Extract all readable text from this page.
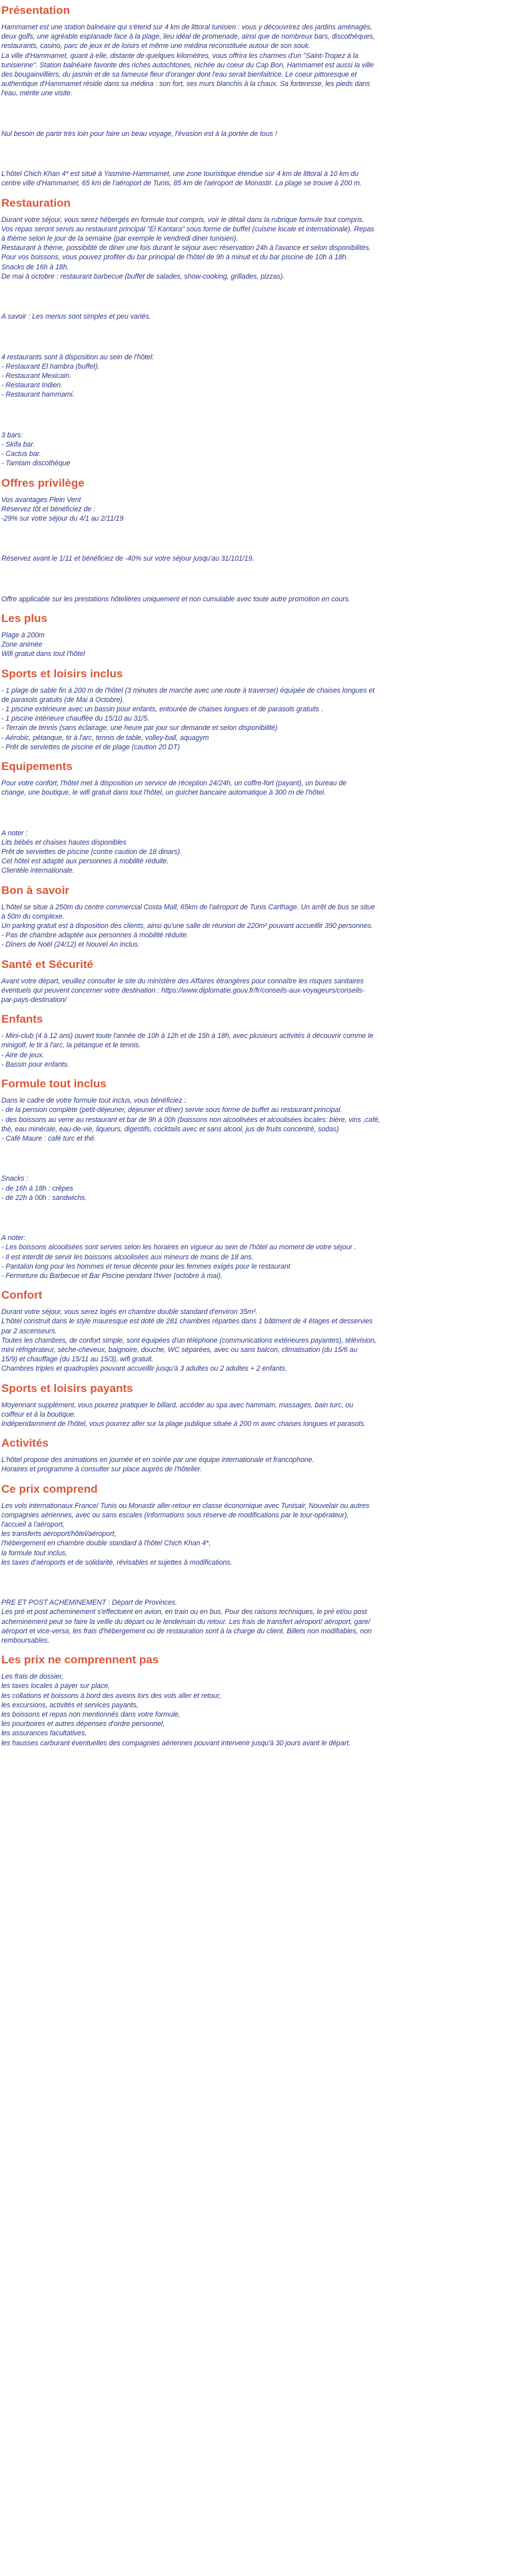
Présentation

Hammamet est une station balnéaire qui s'étend sur 4 km de littoral tunisien : vous y découvrirez des jardins aménagés,

deux golfs, une agréable esplanade face à la plage, lieu idéal de promenade, ainsi que de nombreux bars, discothèques,

restaurants, casino, parc de jeux et de loisirs et même une médina reconstituée autour de son souk.

La ville d'Hammamet, quant à elle, distante de quelques kilomètres, vous offrira les charmes d'un "Saint-Tropez à la

tunisienne". Station balnéaire favorite des riches autochtones, nichée au coeur du Cap Bon, Hammamet est aussi la ville

des bougainvilliers, du jasmin et de sa fameuse fleur d'oranger dont l'eau serait bienfaitrice. Le coeur pittoresque et

authentique d'Hammamet réside dans sa médina : son fort, ses murs blanchis à la chaux. Sa forteresse, les pieds dans

l'eau, mérite une visite.

Nul besoin de partir très loin pour faire un beau voyage, l'évasion est à la portée de tous !

L'hôtel Chich Khan 4* est situé à Yasmine-Hammamet, une zone touristique étendue sur 4 km de littoral à 10 km du

centre ville d'Hammamet, 65 km de l'aéroport de Tunis, 85 km de l'aéroport de Monastir. La plage se trouve à 200 m.

Restauration

Durant votre séjour, vous serez hébergés en formule tout compris, voir le détail dans la rubrique formule tout compris.

Vos repas seront servis au restaurant principal "El Kantara" sous forme de buffet (cuisine locale et internationale). Repas

à thème selon le jour de la semaine (par exemple le vendredi diner tunisien).

Restaurant à thème, possibilité de diner une fois durant le séjour avec réservation 24h à l'avance et selon disponibilités.

Pour vos boissons, vous pouvez profiter du bar principal de l'hôtel de 9h à minuit et du bar piscine de 10h à 18h.

Snacks de 16h à 18h.

De mai à octobre : restaurant barbecue (buffet de salades, show-cooking, grillades, pizzas).

A savoir : Les menus sont simples et peu variés.

4 restaurants sont à disposition au sein de l'hôtel:

- Restaurant El hambra (buffet).

- Restaurant Mexicain.

- Restaurant Indien.

- Restaurant hammami.

3 bars:

- Skifa bar.

- Cactus bar.

- Tamtam discothèque

Offres privilège

Vos avantages Plein Vent

Réservez tôt et bénéficiez de :

-29% sur votre séjour du 4/1 au 2/11/19

Réservez avant le 1/11 et bénéficiez de -40% sur votre séjour jusqu'au 31/101/19.

Offre applicable sur les prestations hôtelières uniquement et non cumulable avec toute autre promotion en cours.

Les plus

Plage à 200m

Zone animée

Wifi gratuit dans tout l'hôtel

Sports et loisirs inclus

- 1 plage de sable fin à 200 m de l'hôtel (3 minutes de marche avec une route à traverser) équipée de chaises longues et

de parasols gratuits (de Mai à Octobre).

- 1 piscine extérieure avec un bassin pour enfants, entourée de chaises longues et de parasols gratuits .

- 1 piscine intérieure chauffée du 15/10 au 31/5.

- Terrain de tennis (sans éclairage, une heure par jour sur demande et selon disponibilité)

- Aérobic, pétanque, tir à l'arc, tennis de table, volley-ball, aquagym

- Prêt de serviettes de piscine et de plage (caution 20 DT)

Equipements

Pour votre confort, l'hôtel met à disposition un service de réception 24/24h, un coffre-fort (payant), un bureau de

change, une boutique, le wifi gratuit dans tout l'hôtel, un guichet bancaire automatique à 300 m de l'hôtel.

A noter :

Lits bébés et chaises hautes disponibles

Prêt de serviettes de piscine (contre caution de 18 dinars).

Cet hôtel est adapté aux personnes à mobilité réduite.

Clientèle internationale.

Bon à savoir

L'hôtel se situe à 250m du centre commercial Costa Mall, 65km de l'aéroport de Tunis Carthage. Un arrêt de bus se situe

à 50m du complexe.

Un parking gratuit est à disposition des clients, ainsi qu'une salle de réunion de 220m² pouvant accueillir 390 personnes.

- Pas de chambre adaptée aux personnes à mobilité réduite.

- Dîners de Noël (24/12) et Nouvel An inclus.

Santé et Sécurité

Avant votre départ, veuillez consulter le site du ministère des Affaires étrangères pour connaître les risques sanitaires

éventuels qui peuvent concerner votre destination : https://www.diplomatie.gouv.fr/fr/conseils-aux-voyageurs/conseils-

par-pays-destination/

Enfants

- Mini-club (4 à 12 ans) ouvert toute l'année de 10h à 12h et de 15h à 18h, avec plusieurs activités à découvrir comme le

minigolf, le tir à l'arc, la pétanque et le tennis.

- Aire de jeux.

- Bassin pour enfants.

Formule tout inclus

Dans le cadre de votre formule tout inclus, vous bénéficiez :

- de la pension complète (petit-déjeuner, déjeuner et dîner) servie sous forme de buffet au restaurant principal.

- des boissons au verre au restaurant et bar de 9h à 00h (boissons non alcoolisées et alcoolisées locales: bière, vins ,café,

thé, eau minérale, eau-de-vie, liqueurs, digestifs, cocktails avec et sans alcool, jus de fruits concentré, sodas)

- Café Maure : café turc et thé.

Snacks :

- de 16h à 18h : crêpes

- de 22h à 00h : sandwichs.

A noter:

- Les boissons alcoolisées sont servies selon les horaires en vigueur au sein de l'hôtel au moment de votre séjour .

- Il est interdit de servir les boissons alcoolisées aux mineurs de moins de 18 ans.

- Pantalon long pour les hommes et tenue décente pour les femmes exigés pour le restaurant

- Fermeture du Barbecue et Bar Piscine pendant l'hiver (octobre à mai).

Confort

Durant votre séjour, vous serez logés en chambre double standard d'environ 35m².

L'hôtel construit dans le style mauresque est doté de 281 chambres réparties dans 1 bâtiment de 4 étages et desservies

par 2 ascenseurs.

Toutes les chambres, de confort simple, sont équipées d'un téléphone (communications extérieures payantes), télévision,

mini réfrigérateur, sèche-cheveux, baignoire, douche, WC séparées, avec ou sans balcon, climatisation (du 15/6 au

15/9) et chauffage (du 15/11 au 15/3), wifi gratuit.

Chambres triples et quadruples pouvant accueillir jusqu'à 3 adultes ou 2 adultes + 2 enfants.

Sports et loisirs payants

Moyennant supplément, vous pourrez pratiquer le billard, accéder au spa avec hammam, massages, bain turc, ou

coiffeur et à la boutique.

Indépendamment de l'hôtel, vous pourrez aller sur la plage publique située à 200 m avec chaises longues et parasols.

Activités

L'hôtel propose des animations en journée et en soirée par une équipe internationale et francophone.

Horaires et programme à consulter sur place auprès de l'hôtelier.

Ce prix comprend

Les vols internationaux France/ Tunis ou Monastir aller-retour en classe économique avec Tunisair, Nouvelair ou autres

compagnies aériennes, avec ou sans escales (informations sous réserve de modifications par le tour-opérateur),

l'accueil à l'aéroport,

les transferts aéroport/hôtel/aéroport,

l'hébergement en chambre double standard à l'hôtel Chich Khan 4*,

la formule tout inclus,

les taxes d'aéroports et de solidarité, révisables et sujettes à modifications.

PRE ET POST ACHEMINEMENT : Départ de Provinces.

Les pré et post acheminement s'effectuent en avion, en train ou en bus. Pour des raisons techniques, le pré et/ou post

acheminement peut se faire la veille du départ ou le lendemain du retour. Les frais de transfert aéroport/ aéroport, gare/

aéroport et vice-versa, les frais d'hébergement ou de restauration sont à la charge du client. Billets non modifiables, non

remboursables.

Les prix ne comprennent pas

Les frais de dossier,

les taxes locales à payer sur place,

les collations et boissons à bord des avions lors des vols aller et retour,

les excursions, activités et services payants,

les boissons et repas non mentionnés dans votre formule,

les pourboires et autres dépenses d'ordre personnel,

les assurances facultatives,

les hausses carburant éventuelles des compagnies aériennes pouvant intervenir jusqu'à 30 jours avant le départ.
